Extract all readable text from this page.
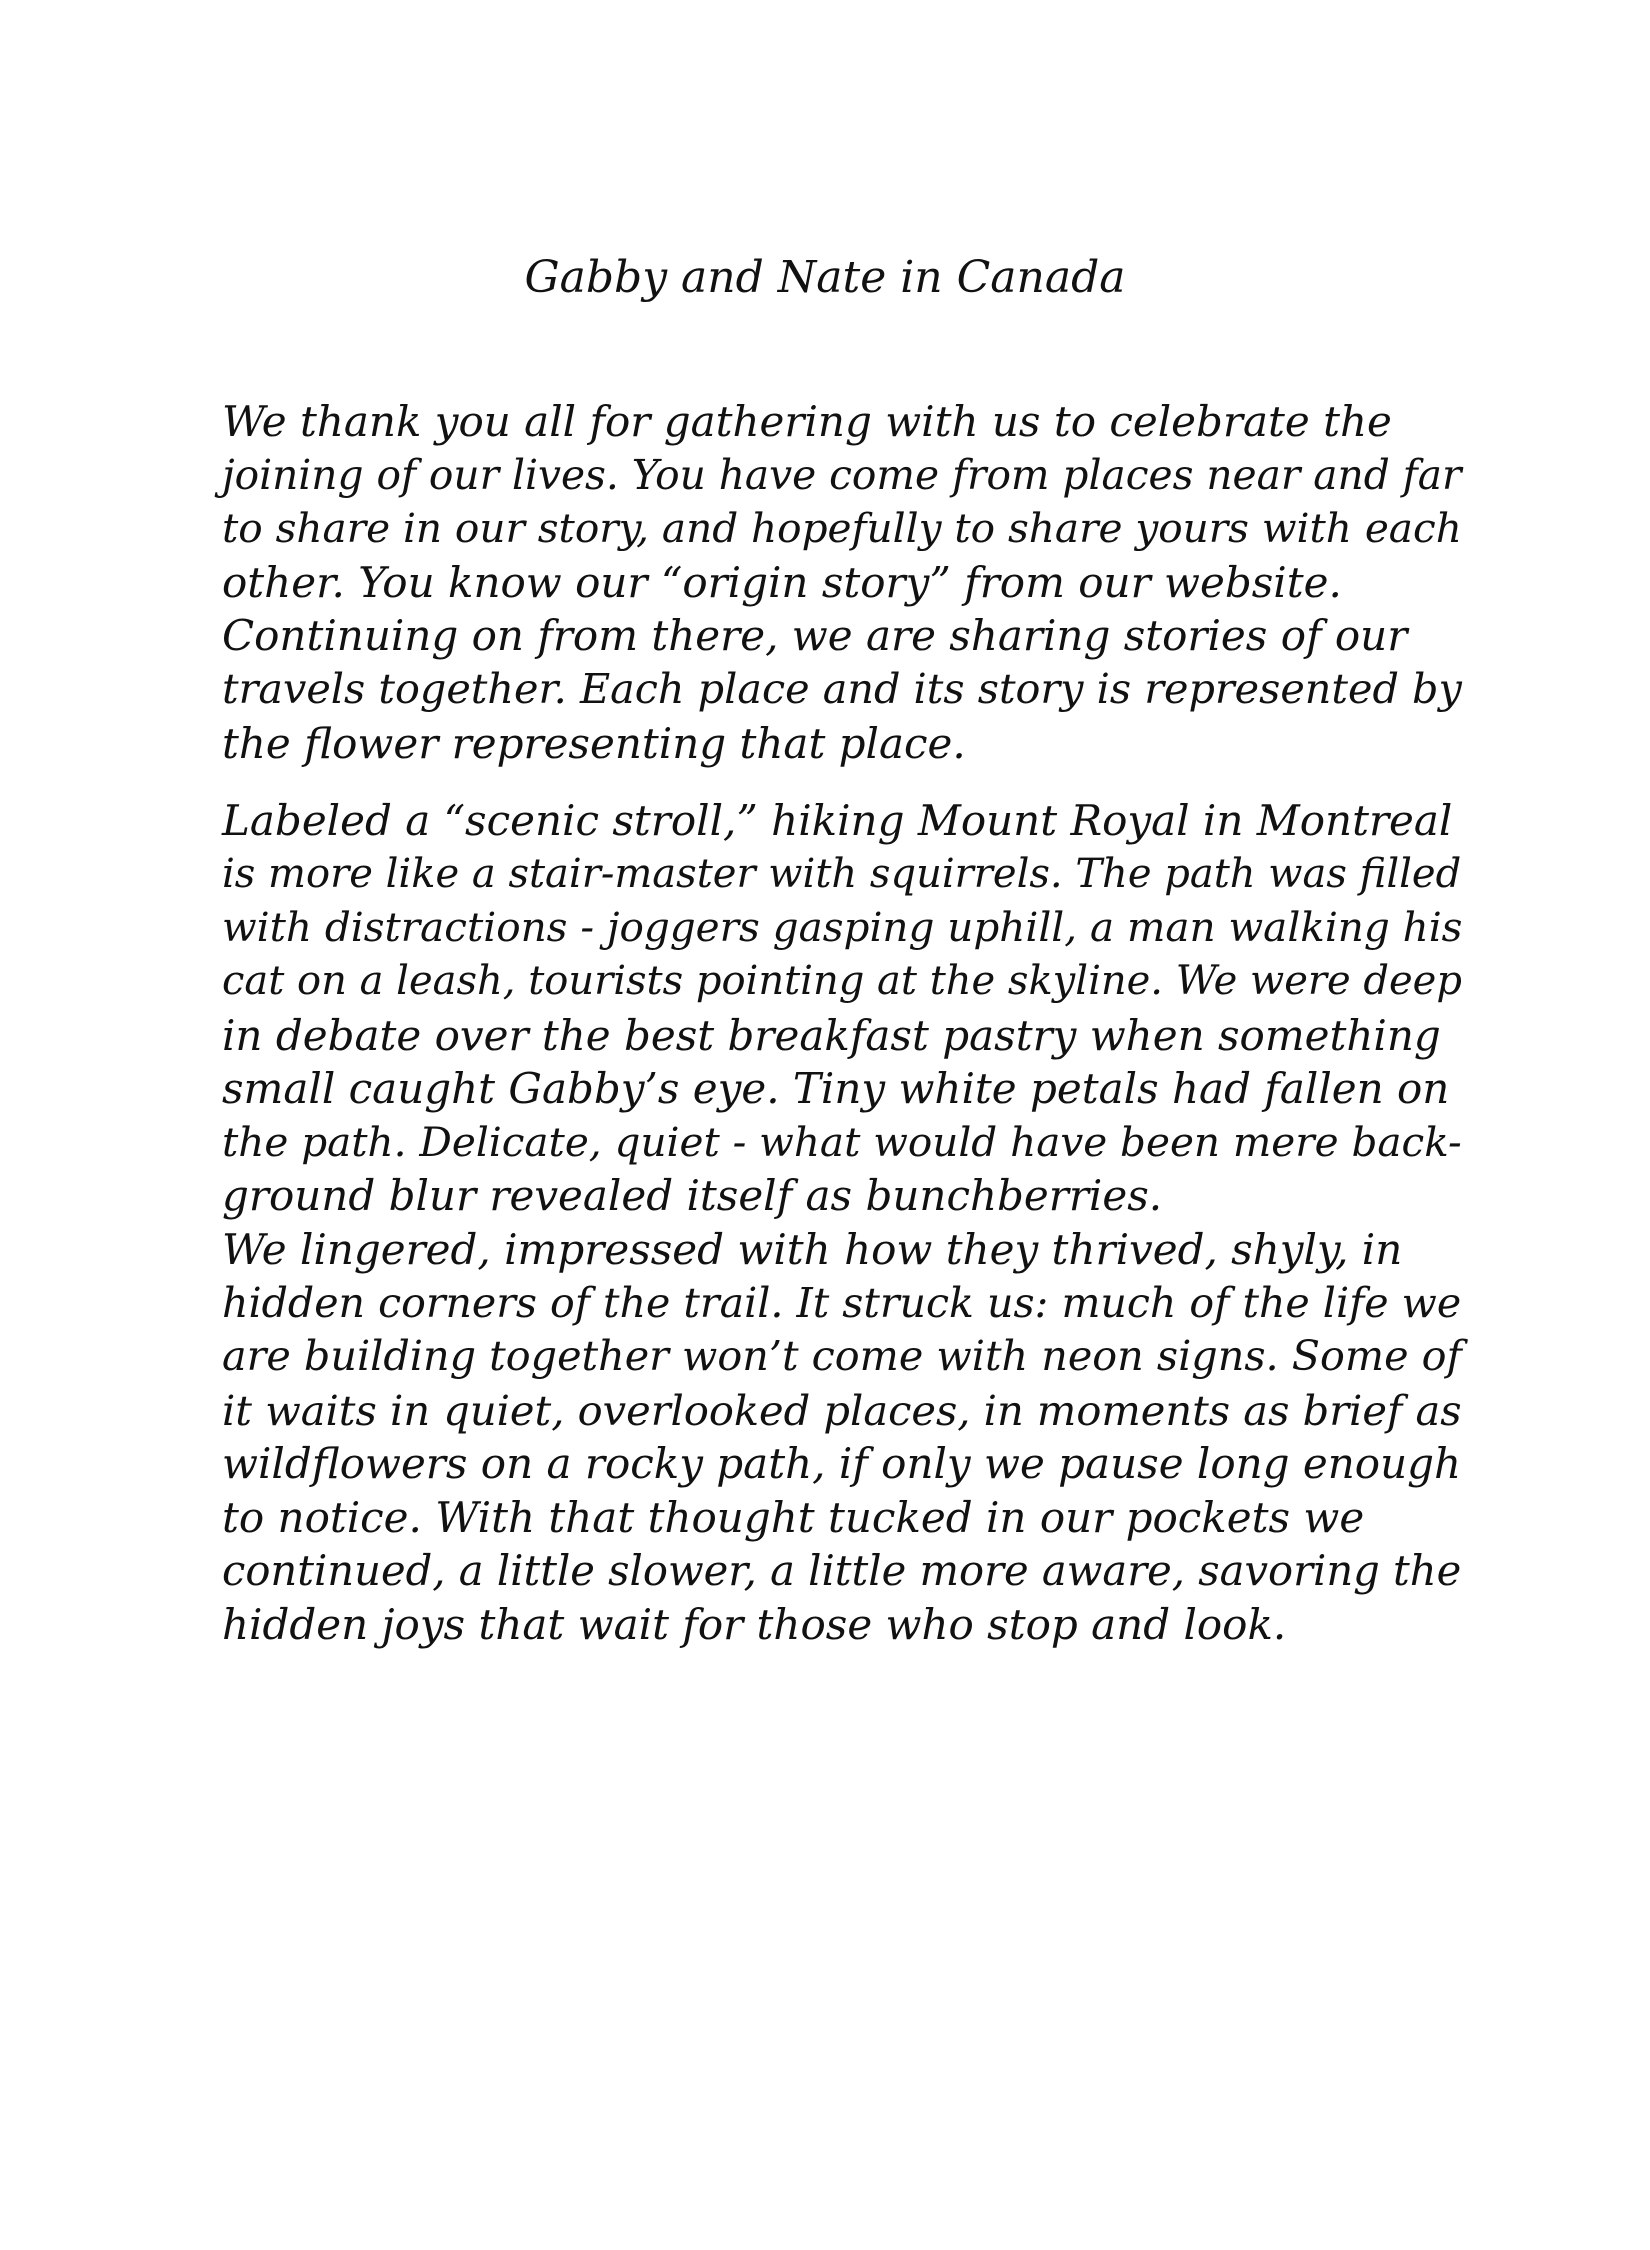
Gabby and Nate in Canada
We thank you all for gathering with us to celebrate the
joining of our lives. You have come from places near and far
to share in our story, and hopefully to share yours with each
other. You know our “origin story” from our website.
Continuing on from there, we are sharing stories of our
travels together. Each place and its story is represented by
the flower representing that place.
Labeled a “scenic stroll,” hiking Mount Royal in Montreal
is more like a stair-master with squirrels. The path was filled
with distractions - joggers gasping uphill, a man walking his
cat on a leash, tourists pointing at the skyline. We were deep
in debate over the best breakfast pastry when something
small caught Gabby’s eye. Tiny white petals had fallen on
the path. Delicate, quiet - what would have been mere back-
ground blur revealed itself as bunchberries.
We lingered, impressed with how they thrived, shyly, in
hidden corners of the trail. It struck us: much of the life we
are building together won’t come with neon signs. Some of
it waits in quiet, overlooked places, in moments as brief as
wildflowers on a rocky path, if only we pause long enough
to notice. With that thought tucked in our pockets we
continued, a little slower, a little more aware, savoring the
hidden joys that wait for those who stop and look.
